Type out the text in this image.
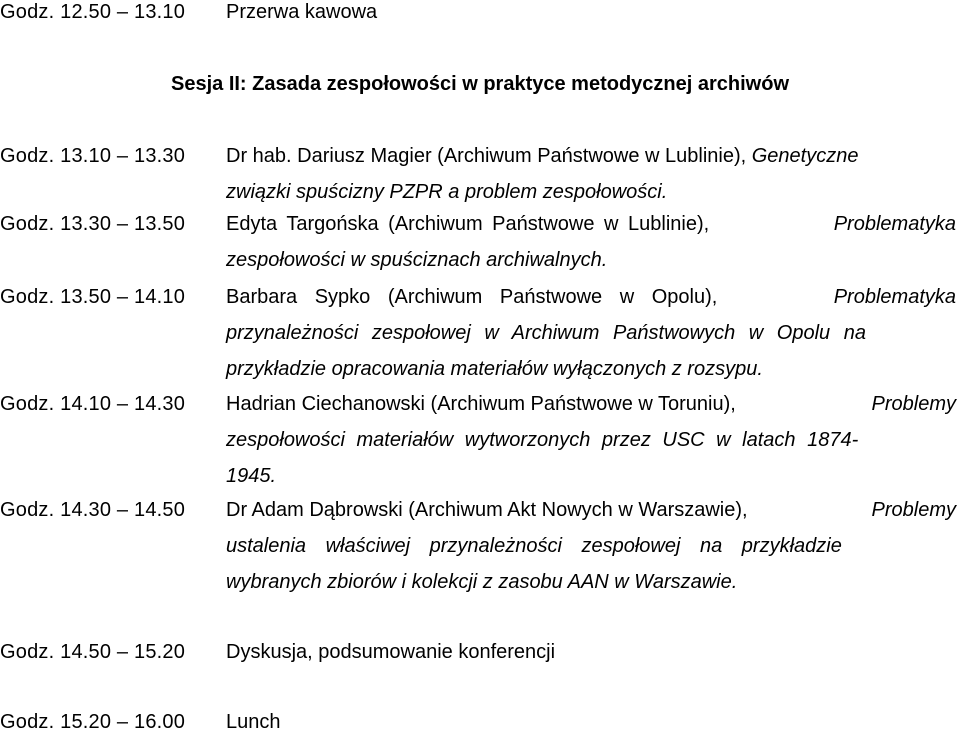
Godz. 12.50 – 13.10 Przerwa kawowa
Sesja II: Zasada zespołowości w praktyce metodycznej archiwów
Godz. 13.10 – 13.30 Dr hab. Dariusz Magier (Archiwum Państwowe w Lublinie), Genetyczne
związki spuścizny PZPR a problem zespołowości.
Godz. 13.30 – 13.50 Edyta Targońska (Archiwum Państwowe w Lublinie),	Problematyka
zespołowości w spuściznach archiwalnych.
Godz. 13.50 – 14.10 Barbara Sypko (Archiwum Państwowe w Opolu),	Problematyka
przynależności zespołowej w Archiwum Państwowych w Opolu na
przykładzie opracowania materiałów wyłączonych z rozsypu.
Godz. 14.10 – 14.30 Hadrian Ciechanowski (Archiwum Państwowe w Toruniu),	Problemy
zespołowości materiałów wytworzonych przez USC w latach 1874-
1945.
Godz. 14.30 – 14.50 Dr Adam Dąbrowski (Archiwum Akt Nowych w Warszawie),	Problemy
ustalenia właściwej przynależności zespołowej na przykładzie
wybranych zbiorów i kolekcji z zasobu AAN w Warszawie.
Godz. 14.50 – 15.20 Dyskusja, podsumowanie konferencji
Godz. 15.20 – 16.00 Lunch
